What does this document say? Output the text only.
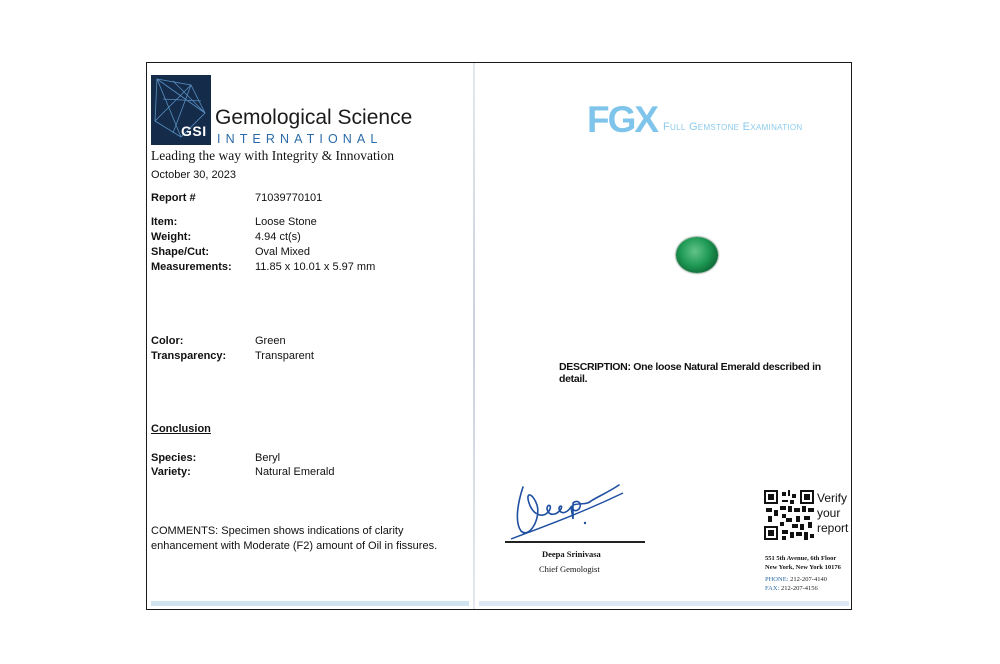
GSI
Gemological Science
INTERNATIONAL
Leading the way with Integrity & Innovation
October 30, 2023
Report #	71039770101
Item:	Loose Stone
Weight:	4.94 ct(s)
Shape/Cut:	Oval Mixed
Measurements: 11.85 x 10.01 x 5.97 mm
Color:	Green
Transparency:	Transparent
Conclusion
Species:	Beryl
Variety:	Natural Emerald
COMMENTS: Specimen shows indications of clarity enhancement with Moderate (F2) amount of Oil in fissures.
FGX Full Gemstone Examination
DESCRIPTION: One loose Natural Emerald described in detail.
Deepa Srinivasa
Chief Gemologist
Verify
your
report
551 5th Avenue, 6th Floor
New York, New York 10176
PHONE: 212-207-4140
FAX: 212-207-4156
